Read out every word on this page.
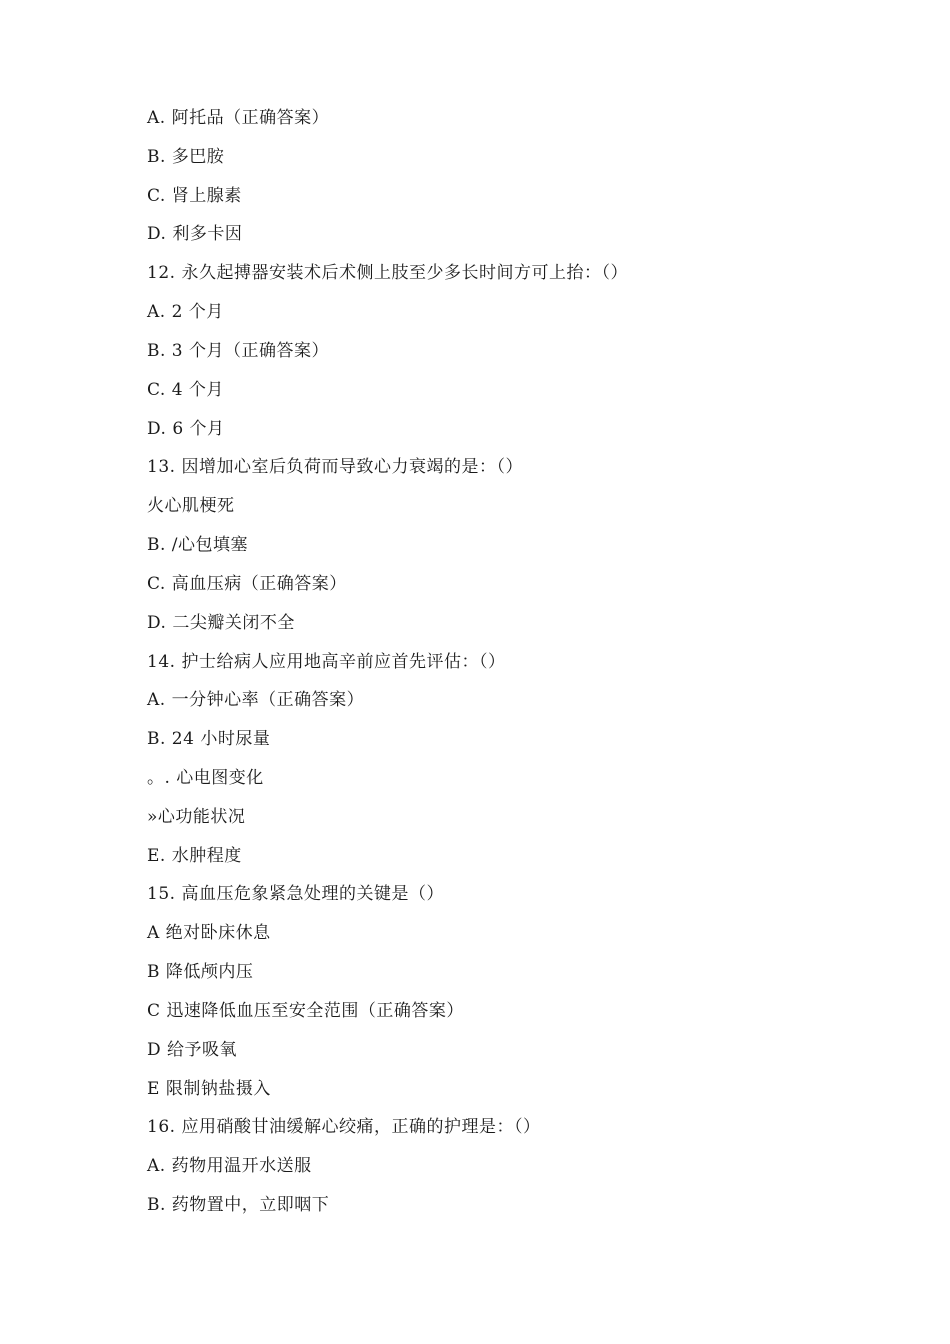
A. 阿托品（正确答案）
B. 多巴胺
C. 肾上腺素
D. 利多卡因
12. 永久起搏器安装术后术侧上肢至少多长时间方可上抬：（）
A. 2 个月
B. 3 个月（正确答案）
C. 4 个月
D. 6 个月
13. 因增加心室后负荷而导致心力衰竭的是：（）
火心肌梗死
B. /心包填塞
C. 高血压病（正确答案）
D. 二尖瓣关闭不全
14. 护士给病人应用地高辛前应首先评估：（）
A. 一分钟心率（正确答案）
B. 24 小时尿量
。. 心电图变化
»心功能状况
E. 水肿程度
15. 高血压危象紧急处理的关键是（）
A 绝对卧床休息
B 降低颅内压
C 迅速降低血压至安全范围（正确答案）
D 给予吸氧
E 限制钠盐摄入
16. 应用硝酸甘油缓解心绞痛，正确的护理是：（）
A. 药物用温开水送服
B. 药物置中，立即咽下
